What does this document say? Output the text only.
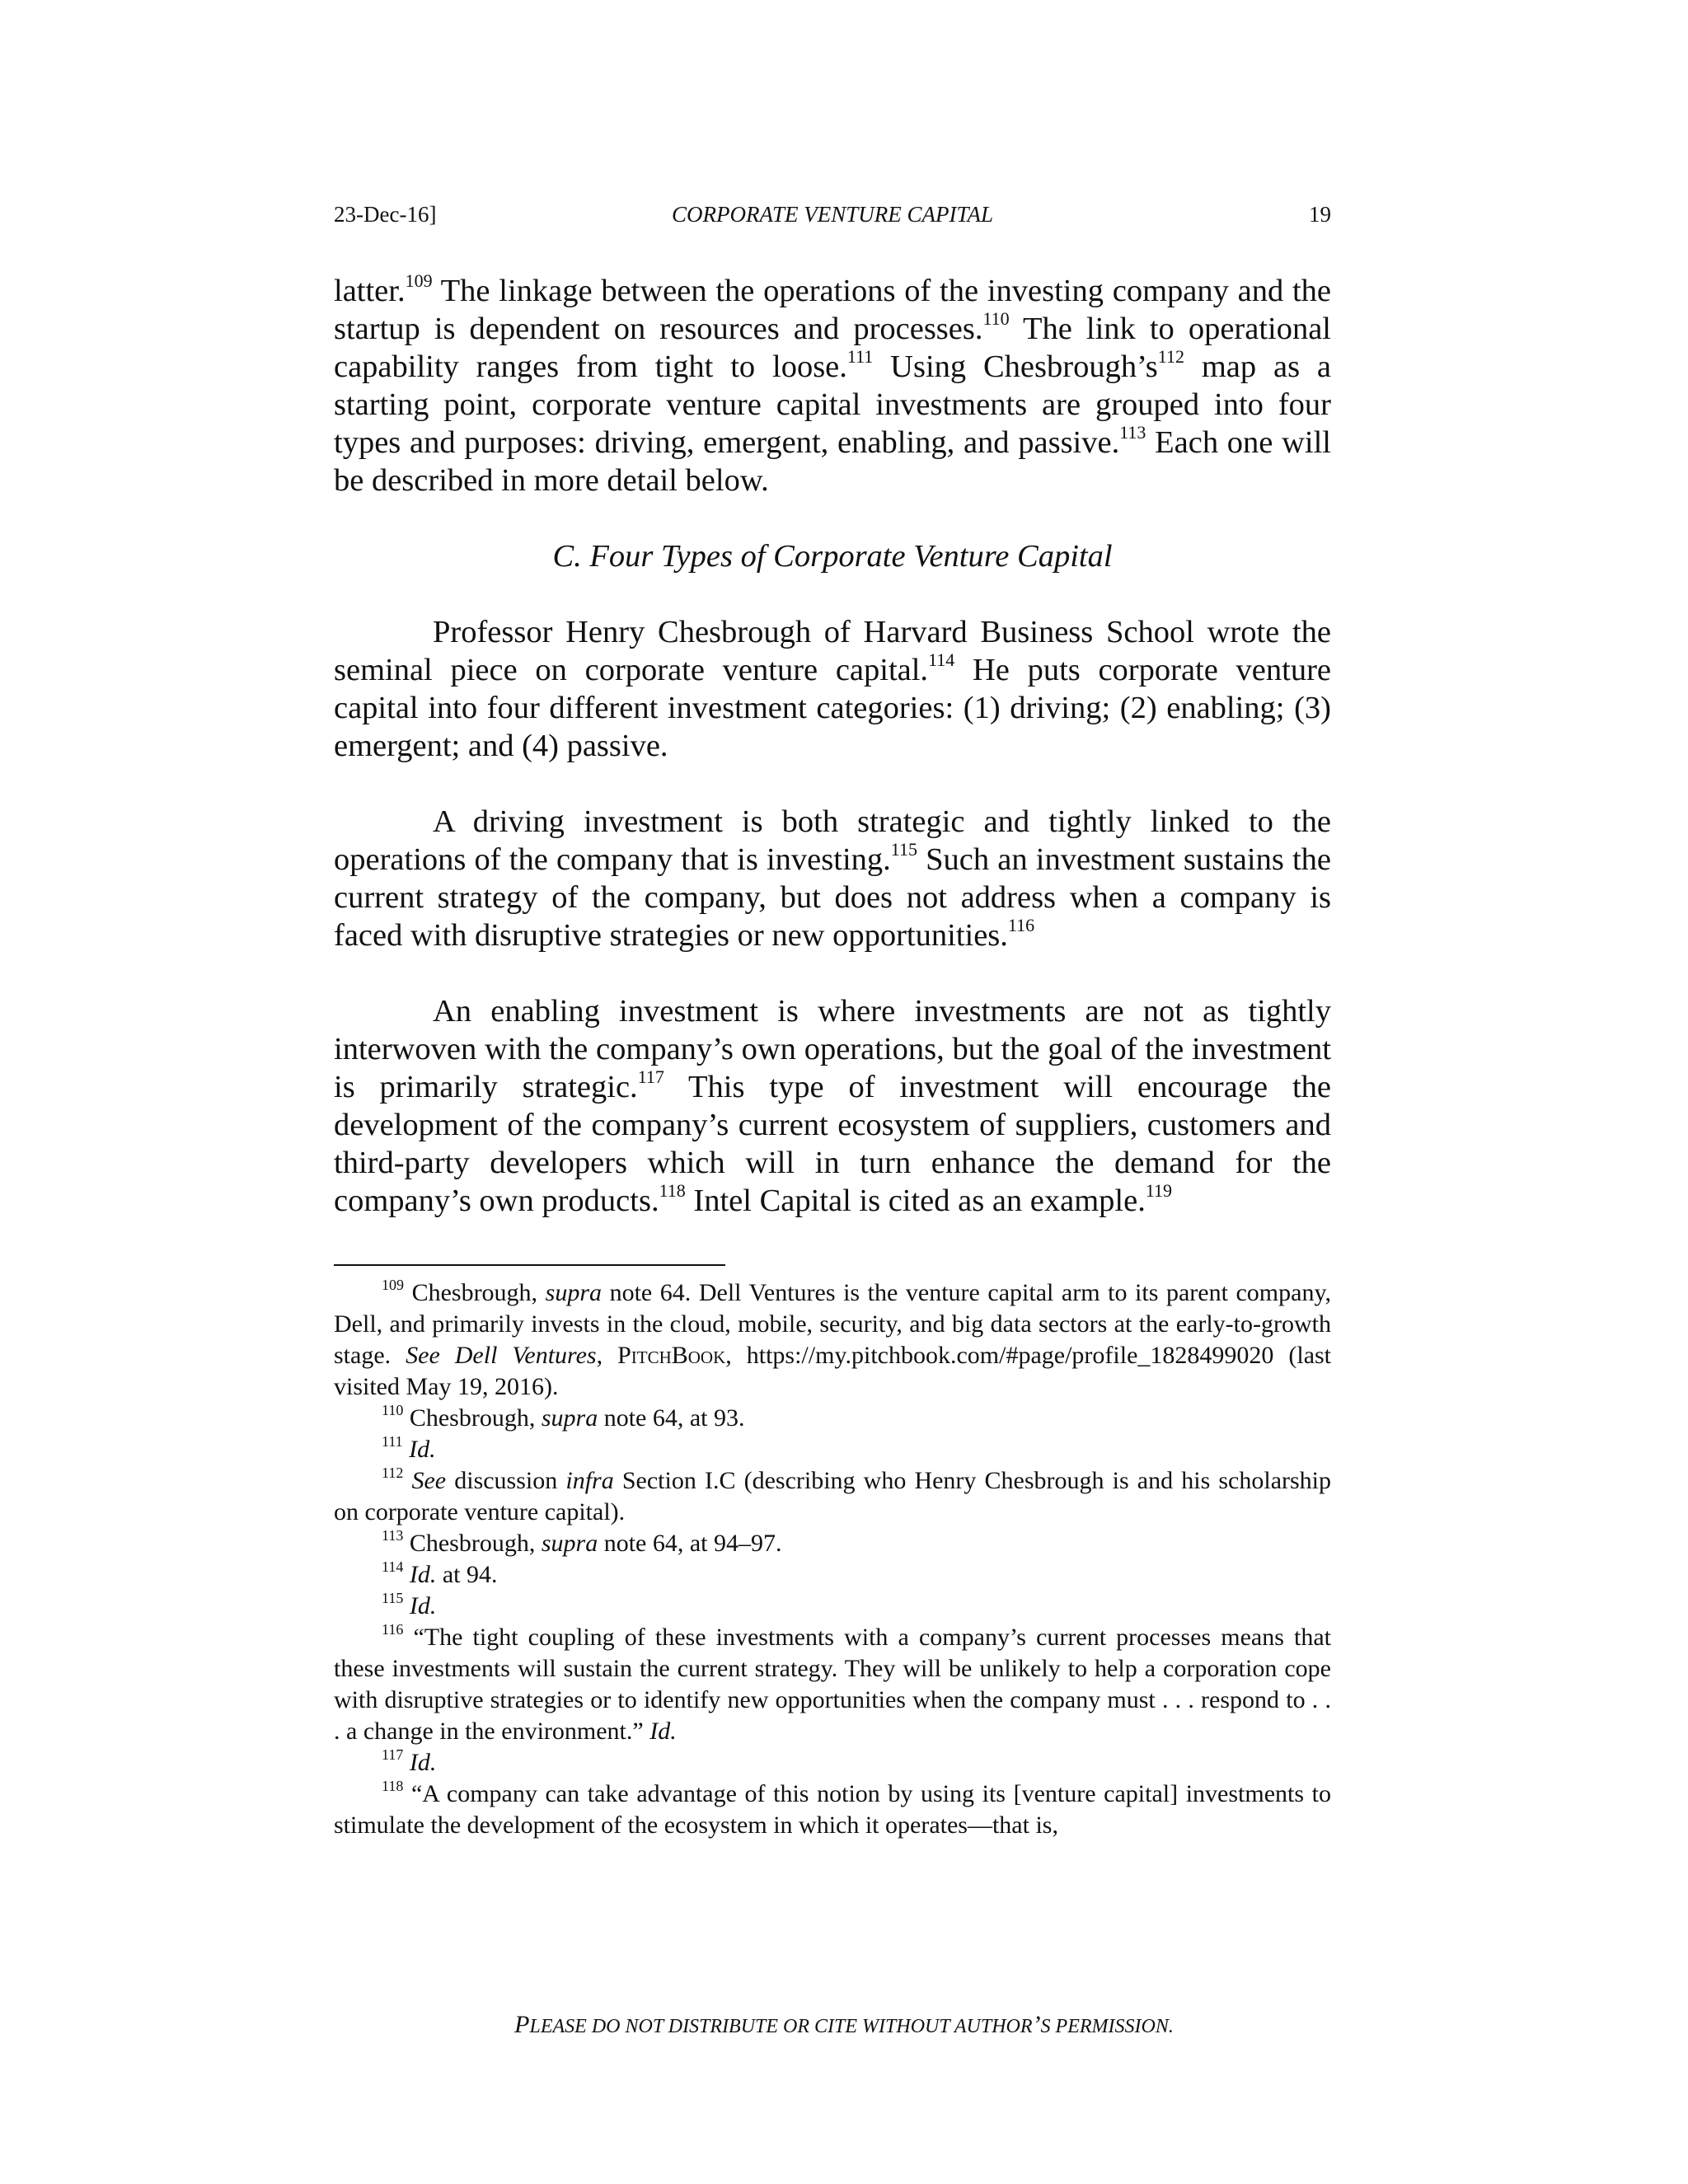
23-Dec-16]	CORPORATE VENTURE CAPITAL	19

latter.$^{109}$ The linkage between the operations of the investing company and the startup is dependent on resources and processes.$^{110}$ The link to operational capability ranges from tight to loose.$^{111}$ Using $Chesbrough’s^{112}$ map as a starting point, corporate venture capital investments are grouped into four types and purposes: driving, emergent, enabling, and passive.$^{113}$ Each one will be described in more detail below.

C. Four Types of Corporate Venture Capital

Professor Henry Chesbrough of Harvard Business School wrote the seminal piece on corporate venture capital.$^{114}$ He puts corporate venture capital into four different investment categories: (1) driving; (2) enabling; (3) emergent; and (4) passive.

A driving investment is both strategic and tightly linked to the operations of the company that is investing.$^{115}$ Such an investment sustains the current strategy of the company, but does not address when a company is faced with disruptive strategies or new opportunities.$^{116}$

An enabling investment is where investments are not as tightly interwoven with the company’s own operations, but the goal of the investment is primarily strategic.$^{117}$ This type of investment will encourage the development of the company’s current ecosystem of suppliers, customers and third-party developers which will in turn enhance the demand for the company’s own products.$^{118}$ Intel Capital is cited as an example.$^{119}$

$^{109}$ Chesbrough, supra note 64. Dell Ventures is the venture capital arm to its parent company, Dell, and primarily invests in the cloud, mobile, security, and big data sectors at the early-to-growth stage. See Dell Ventures, PitchBook, https://my.pitchbook.com/#page/profile_1828499020 (last visited May 19, 2016).

$^{110}$ Chesbrough, supra note 64, at 93.

$^{111}$ Id.

$^{112}$ See discussion infra Section I.C (describing who Henry Chesbrough is and his scholarship on corporate venture capital).

$^{113}$ Chesbrough, supra note 64, at 94–97.

$^{114}$ Id. at 94.

$^{115}$ Id.

$^{116}$ “The tight coupling of these investments with a company’s current processes means that these investments will sustain the current strategy. They will be unlikely to help a corporation cope with disruptive strategies or to identify new opportunities when the company must . . . respond to . . . a change in the environment.” Id.

$^{117}$ Id.

$^{118}$ “A company can take advantage of this notion by using its [venture capital] investments to stimulate the development of the ecosystem in which it operates—that is,

PLEASE DO NOT DISTRIBUTE OR CITE WITHOUT AUTHOR’S PERMISSION.
